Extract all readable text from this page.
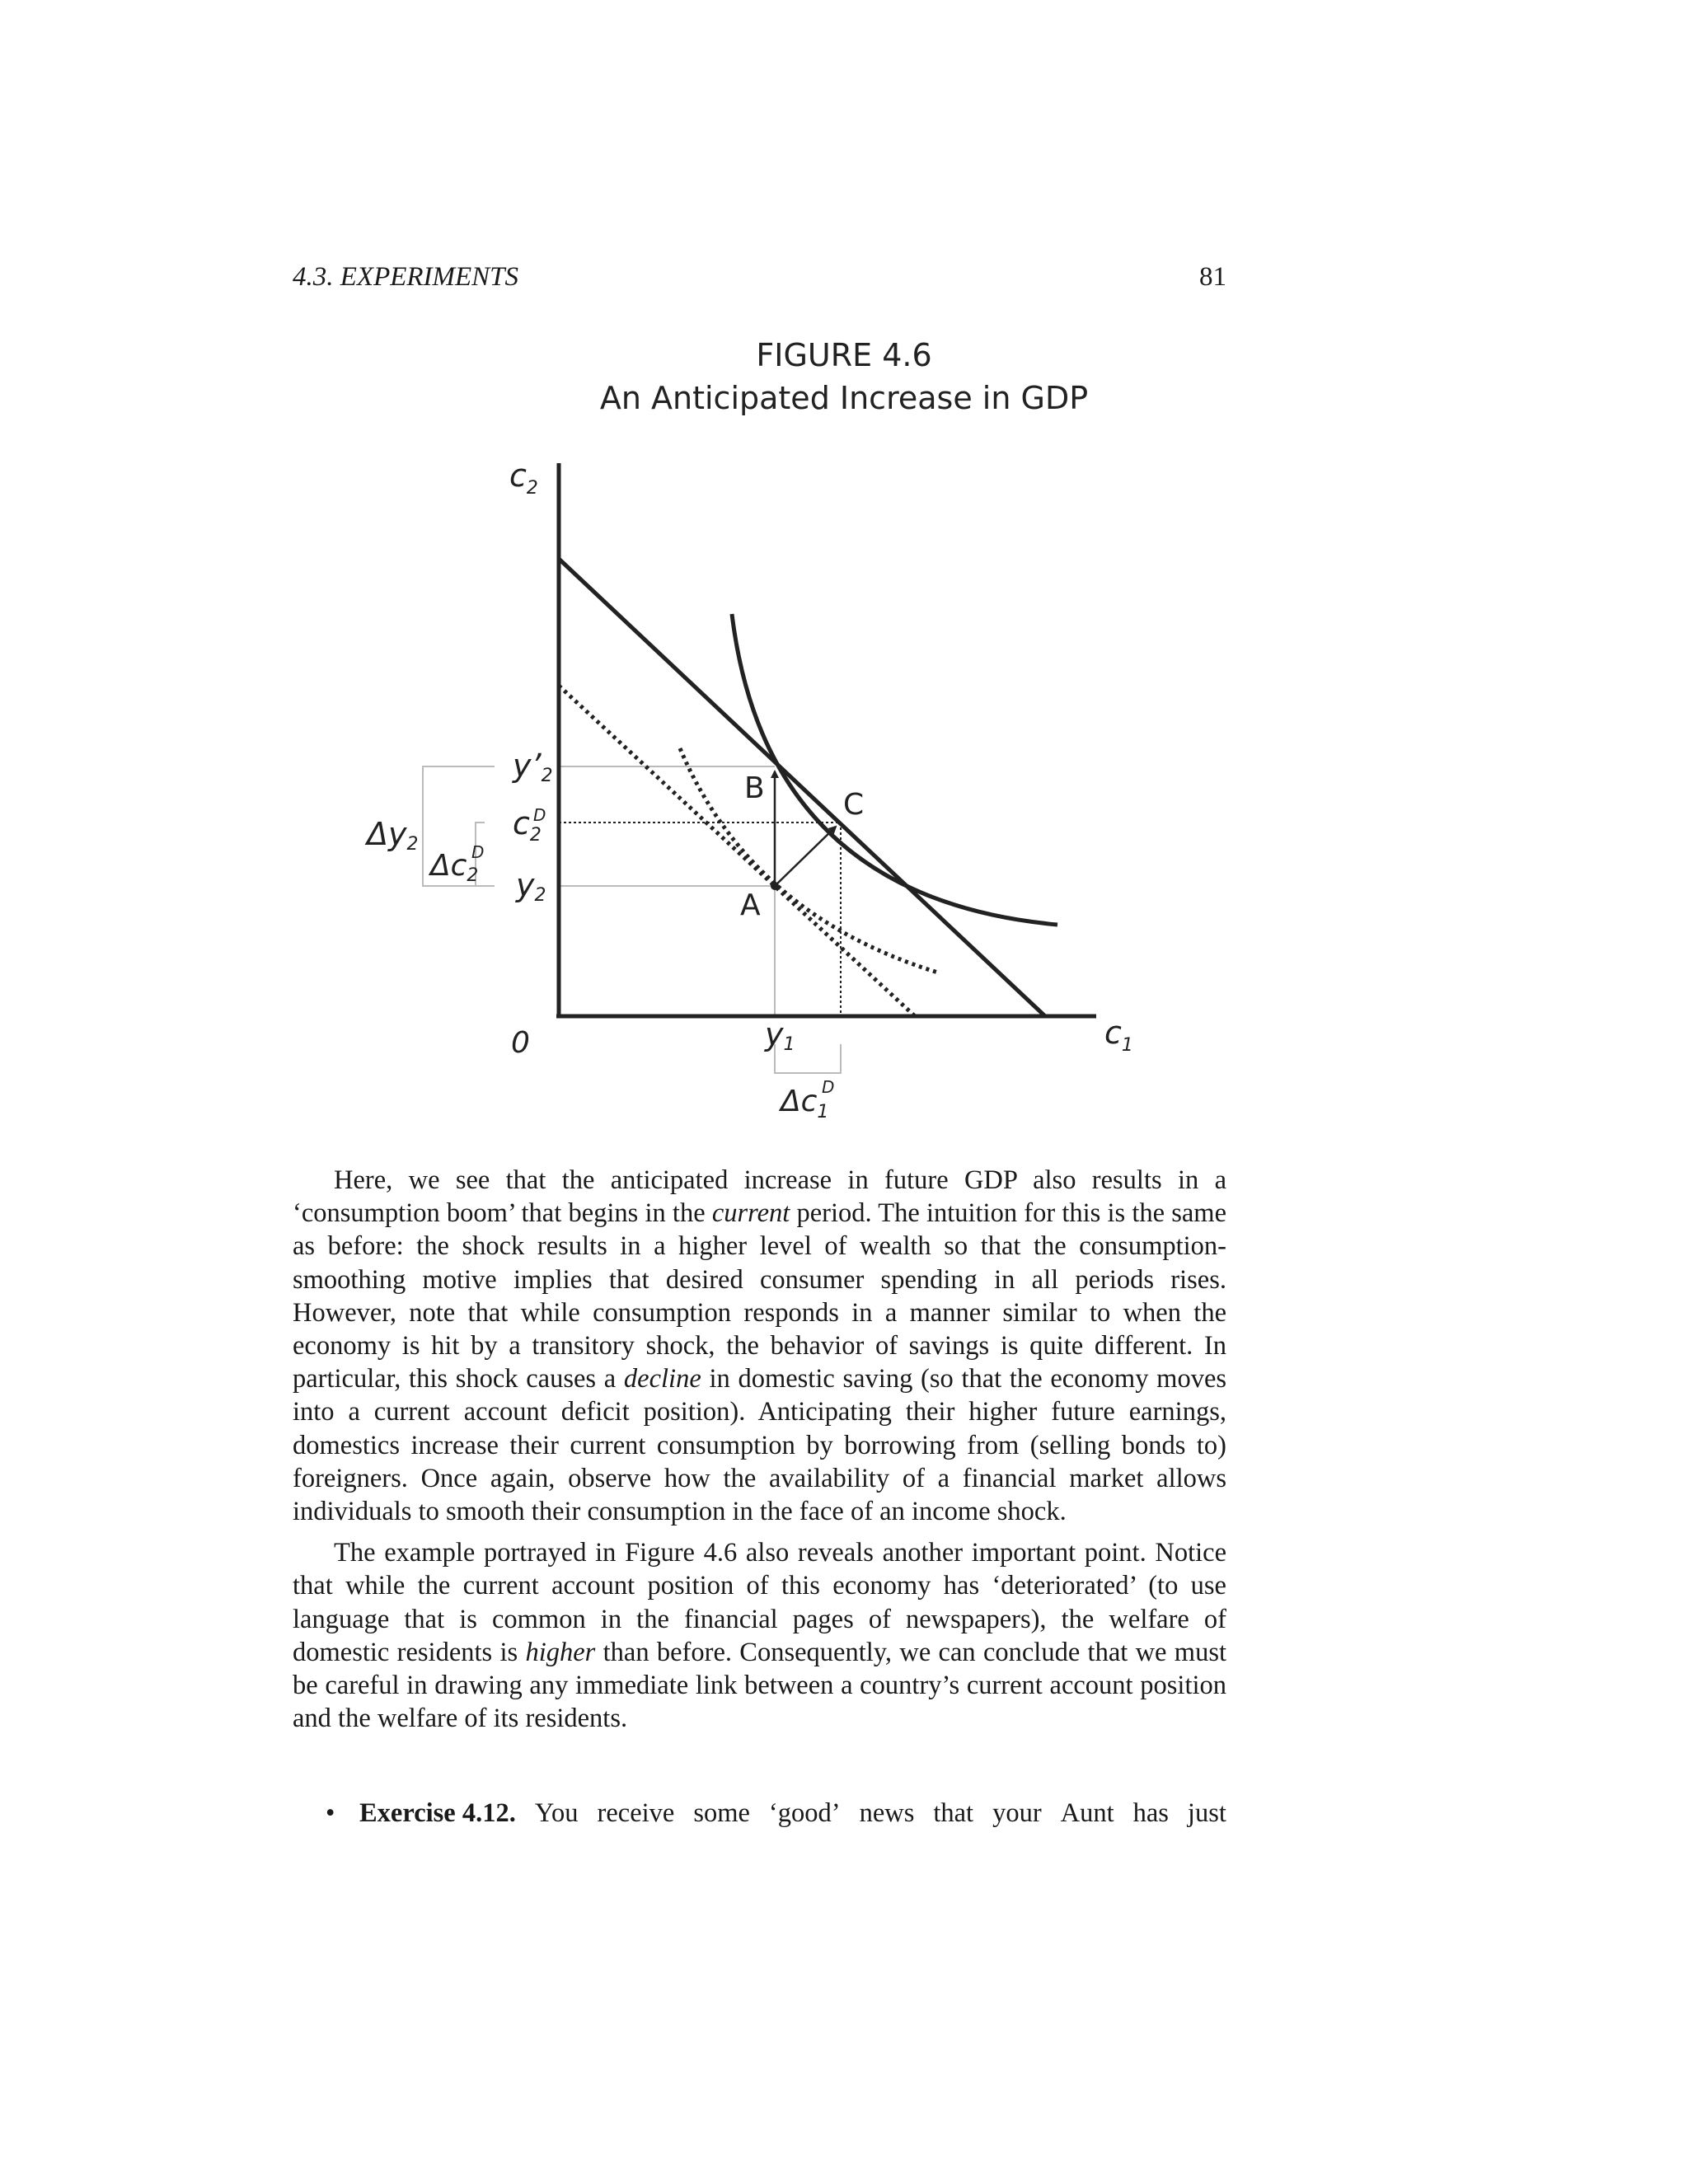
4.3. EXPERIMENTS	81
FIGURE 4.6
An Anticipated Increase in GDP
B	C
A
$c_2$
$c_1$
0
y’2
$c_2$
D
y2
y1
Δy2
Δc2
D
$\Delta c_1$
D

Here, we see that the anticipated increase in future GDP also results in a ‘consumption boom’ that begins in the current period. The intuition for this is the same as before: the shock results in a higher level of wealth so that the consumption-smoothing motive implies that desired consumer spending in all periods rises. However, note that while consumption responds in a manner similar to when the economy is hit by a transitory shock, the behavior of savings is quite different. In particular, this shock causes a decline in domestic saving (so that the economy moves into a current account deficit position). Anticipating their higher future earnings, domestics increase their current consumption by borrowing from (selling bonds to) foreigners. Once again, observe how the availability of a financial market allows individuals to smooth their consumption in the face of an income shock.

The example portrayed in Figure 4.6 also reveals another important point. Notice that while the current account position of this economy has ‘deteriorated’ (to use language that is common in the financial pages of newspapers), the welfare of domestic residents is higher than before. Consequently, we can conclude that we must be careful in drawing any immediate link between a country’s current account position and the welfare of its residents.

• Exercise 4.12. You receive some ‘good’ news that your Aunt has just
